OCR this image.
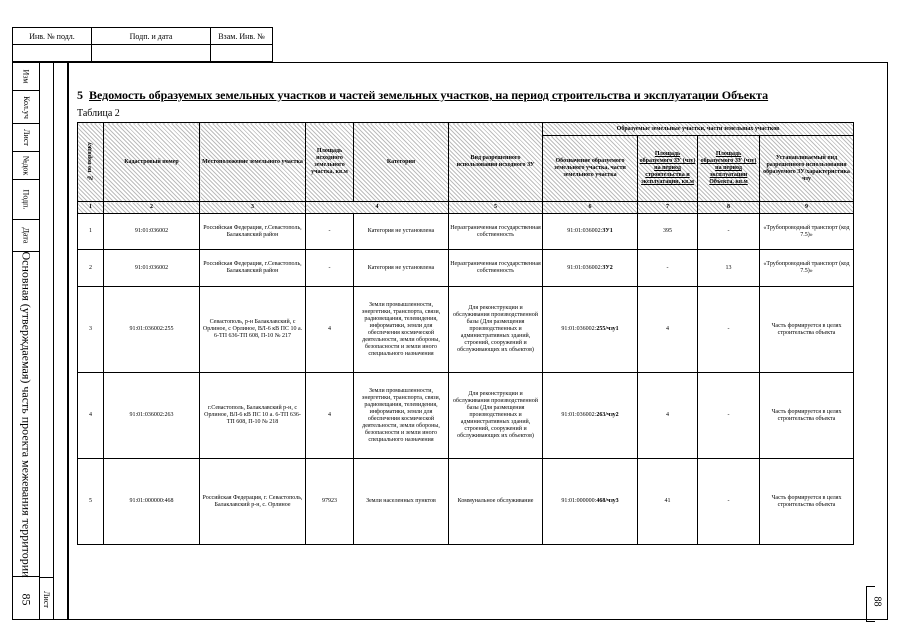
Инв. № подл.	Подп. и дата	Взам. Инв. №

Изм
Кол.уч
Лист
№док
Подп.
Дата
Основная (утверждаемая) часть проекта межевания территории
85 Лист
5 Ведомость образуемых земельных участков и частей земельных участков, на период строительства и эксплуатации Объекта
Таблица 2
№ по порядку	Кадастровый номер	Местоположение земельного участка	Площадь исходного земельного участка, кв.м	Категория	Вид разрешенного использования исходного ЗУ	Образуемые земельные участки, части земельных участков			
						Обозначение образуемого земельного участка, части земельного участка	Площадь образуемого ЗУ (чзу) на период строительства и эксплуатации, кв.м	Площадь образуемого ЗУ (чзу) на период эксплуатации Объекта, кв.м	Устанавливаемый вид разрешенного использования образуемого ЗУ/характеристика чзу
1	2	3	4		5	6	7	8	9
1	91:01:036002	Российская Федерация, г.Севастополь, Балаклавский район	-	Категория не установлена	Неразграниченная государственная собственность	91:01:036002:ЗУ1	395	-	«Трубопроводный транспорт (код 7.5)»
2	91:01:036002	Российская Федерация, г.Севастополь, Балаклавский район	-	Категория не установлена	Неразграниченная государственная собственность	91:01:036002:ЗУ2	-	13	«Трубопроводный транспорт (код 7.5)»
3	91:01:036002:255	Севастополь, р-н Балаклавский, с Орлиное, с Орлиное, ВЛ-6 кВ ПС 10 а. 6-ТП 636-ТП 608, П-10 № 217	4	Земли промышленности, энергетики, транспорта, связи, радиовещания, телевидения, информатики, земли для обеспечения космической деятельности, земли обороны, безопасности и земли иного специального назначения	Для реконструкции и обслуживания производственной базы (Для размещения производственных и административных зданий, строений, сооружений и обслуживающих их объектов)	91:01:036002:255/чзу1	4	-	Часть формируется в целях строительства объекта
4	91:01:036002:263	г.Севастополь, Балаклавский р-н, с Орлиное, ВЛ-6 кВ ПС 10 а. 6-ТП 636-ТП 608, П-10 № 218	4	Земли промышленности, энергетики, транспорта, связи, радиовещания, телевидения, информатики, земли для обеспечения космической деятельности, земли обороны, безопасности и земли иного специального назначения	Для реконструкции и обслуживания производственной базы (Для размещения производственных и административных зданий, строений, сооружений и обслуживающих их объектов)	91:01:036002:263/чзу2	4	-	Часть формируется в целях строительства объекта
5	91:01:000000:468	Российская Федерация, г. Севастополь, Балаклавский р-н, с. Орлиное	97923	Земли населенных пунктов	Коммунальное обслуживание	91:01:000000:468/чзу3	41	-	Часть формируется в целях строительства объекта
88
